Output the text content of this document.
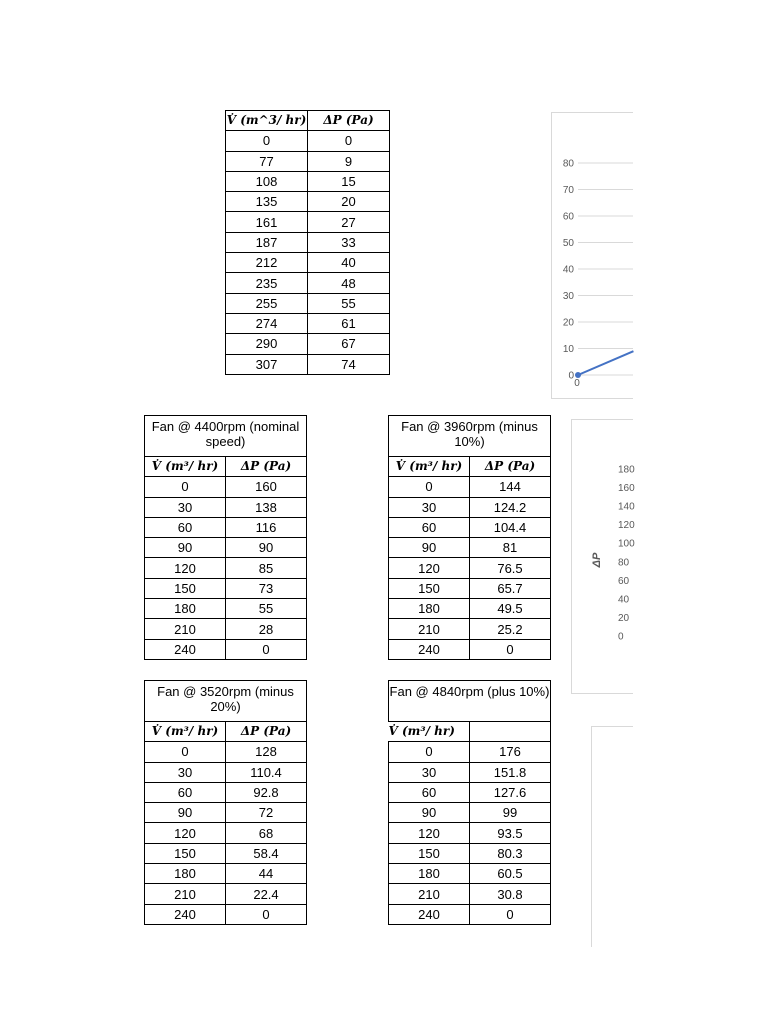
V̇ (m^3/ hr)	ΔP (Pa)
0	0
77	9
108	15
135	20
161	27
187	33
212	40
235	48
255	55
274	61
290	67
307	74
Fan @ 4400rpm (nominal speed)	
V̇ (m³/ hr)	ΔP (Pa)
0	160
30	138
60	116
90	90
120	85
150	73
180	55
210	28
240	0
Fan @ 3960rpm (minus 10%)	
V̇ (m³/ hr)	ΔP (Pa)
0	144
30	124.2
60	104.4
90	81
120	76.5
150	65.7
180	49.5
210	25.2
240	0
Fan @ 3520rpm (minus 20%)	
V̇ (m³/ hr)	ΔP (Pa)
0	128
30	110.4
60	92.8
90	72
120	68
150	58.4
180	44
210	22.4
240	0
Fan @ 4840rpm (plus 10%)	
V̇ (m³/ hr)	
0	176
30	151.8
60	127.6
90	99
120	93.5
150	80.3
180	60.5
210	30.8
240	0
0
10
20
30
40
50
60
70
80
0
0
20
40
60
80
100
120
140
160
180
ΔP
